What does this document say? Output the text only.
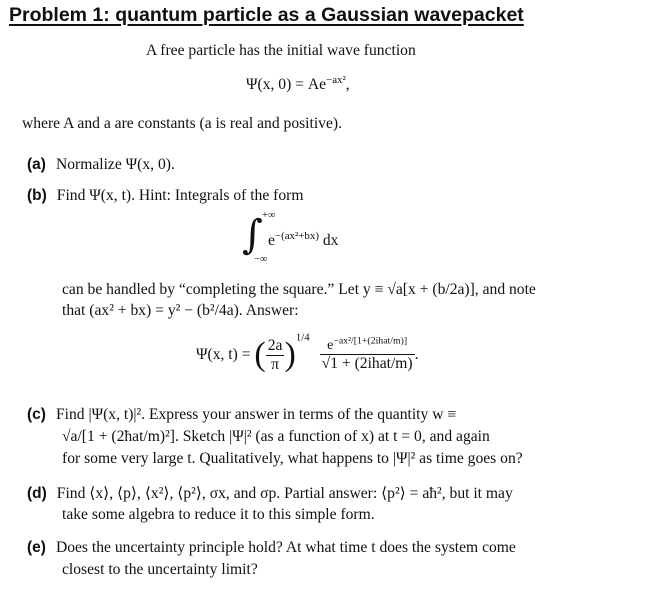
Problem 1: quantum particle as a Gaussian wavepacket
A free particle has the initial wave function
Ψ(x, $0) = Ae^{-ax^2}$,
where A and a are constants (a is real and positive).
(a) Normalize Ψ(x, 0).
(b) Find Ψ(x, t). Hint: Integrals of the form
+∞
∫
−∞
$e^{-(ax^2+bx)}$ dx
can be handled by “completing the square.” Let y ≡ √a[x + (b/2a)], and note
that (ax² + bx) = y² − (b²/4a). Answer:
Ψ(x, t) = ( $\frac{2a}{\pi} )^{1/4} \frac{e^{-ax^2/[1+(2ihat/m)]}}{\text{√1 + (2ihat/m)}}$ .
(c) Find |Ψ(x, t)|². Express your answer in terms of the quantity w ≡
√a/[1 + (2ħat/m)²]. Sketch |Ψ|² (as a function of x) at t = 0, and again
for some very large t. Qualitatively, what happens to |Ψ|² as time goes on?
(d) Find ⟨x⟩, ⟨p⟩, ⟨x²⟩, ⟨p²⟩, σx, and σp. Partial answer: ⟨p²⟩ = aħ², but it may
take some algebra to reduce it to this simple form.
(e) Does the uncertainty principle hold? At what time t does the system come
closest to the uncertainty limit?
